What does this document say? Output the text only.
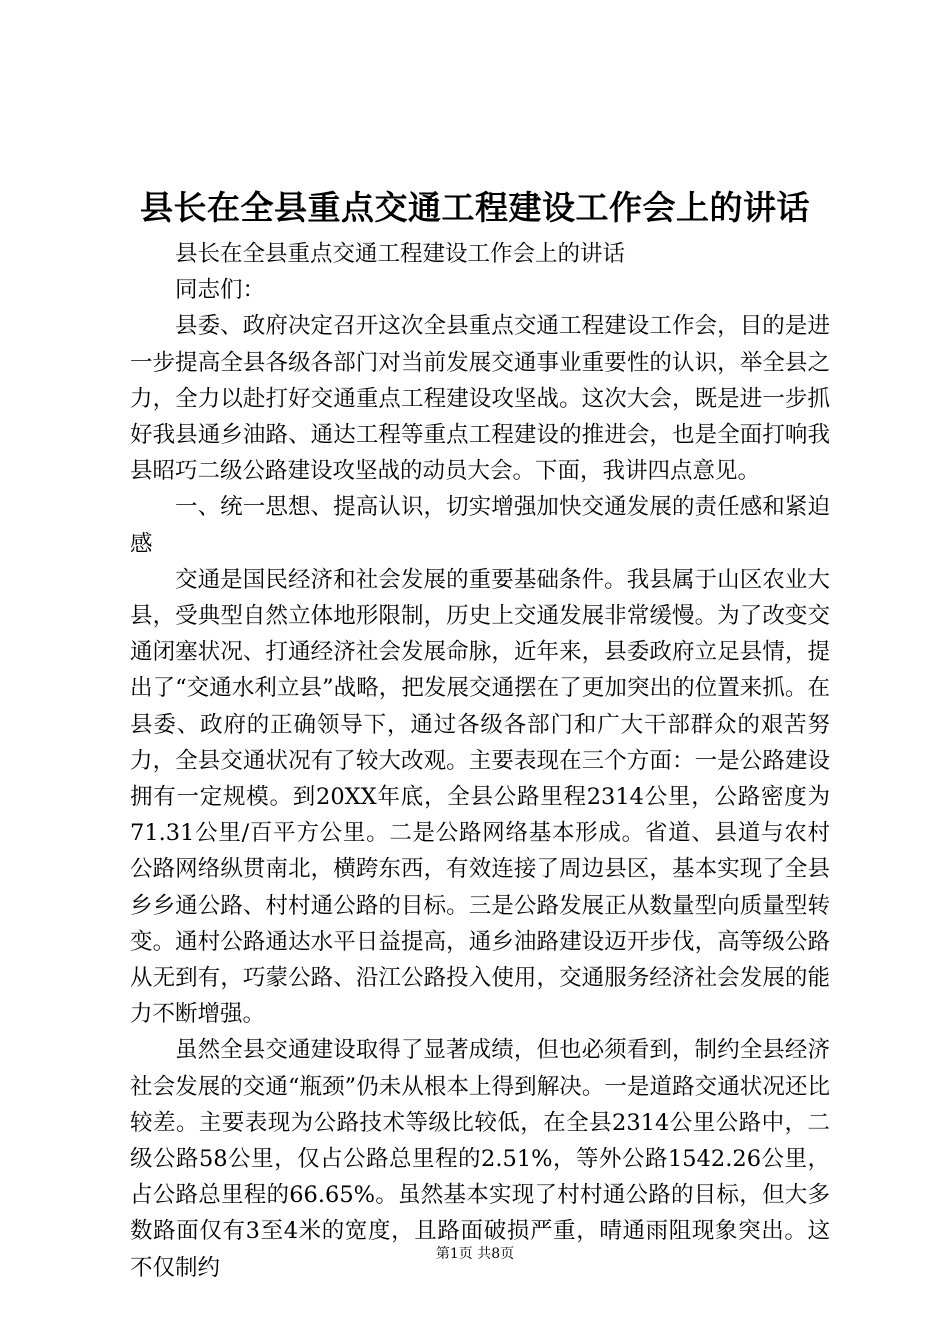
县长在全县重点交通工程建设工作会上的讲话

县长在全县重点交通工程建设工作会上的讲话

同志们：

县委、政府决定召开这次全县重点交通工程建设工作会，目的是进一步提高全县各级各部门对当前发展交通事业重要性的认识，举全县之力，全力以赴打好交通重点工程建设攻坚战。这次大会，既是进一步抓好我县通乡油路、通达工程等重点工程建设的推进会，也是全面打响我县昭巧二级公路建设攻坚战的动员大会。下面，我讲四点意见。

一、统一思想、提高认识，切实增强加快交通发展的责任感和紧迫感

交通是国民经济和社会发展的重要基础条件。我县属于山区农业大县，受典型自然立体地形限制，历史上交通发展非常缓慢。为了改变交通闭塞状况、打通经济社会发展命脉，近年来，县委政府立足县情，提出了“交通水利立县”战略，把发展交通摆在了更加突出的位置来抓。在县委、政府的正确领导下，通过各级各部门和广大干部群众的艰苦努力，全县交通状况有了较大改观。主要表现在三个方面：一是公路建设拥有一定规模。到20XX年底，全县公路里程2314公里，公路密度为71.31公里/百平方公里。二是公路网络基本形成。省道、县道与农村公路网络纵贯南北，横跨东西，有效连接了周边县区，基本实现了全县乡乡通公路、村村通公路的目标。三是公路发展正从数量型向质量型转变。通村公路通达水平日益提高，通乡油路建设迈开步伐，高等级公路从无到有，巧蒙公路、沿江公路投入使用，交通服务经济社会发展的能力不断增强。

虽然全县交通建设取得了显著成绩，但也必须看到，制约全县经济社会发展的交通“瓶颈”仍未从根本上得到解决。一是道路交通状况还比较差。主要表现为公路技术等级比较低，在全县2314公里公路中，二级公路58公里，仅占公路总里程的2.51%，等外公路1542.26公里，占公路总里程的66.65%。虽然基本实现了村村通公路的目标，但大多数路面仅有3至4米的宽度，且路面破损严重，晴通雨阻现象突出。这不仅制约

第1页 共8页
